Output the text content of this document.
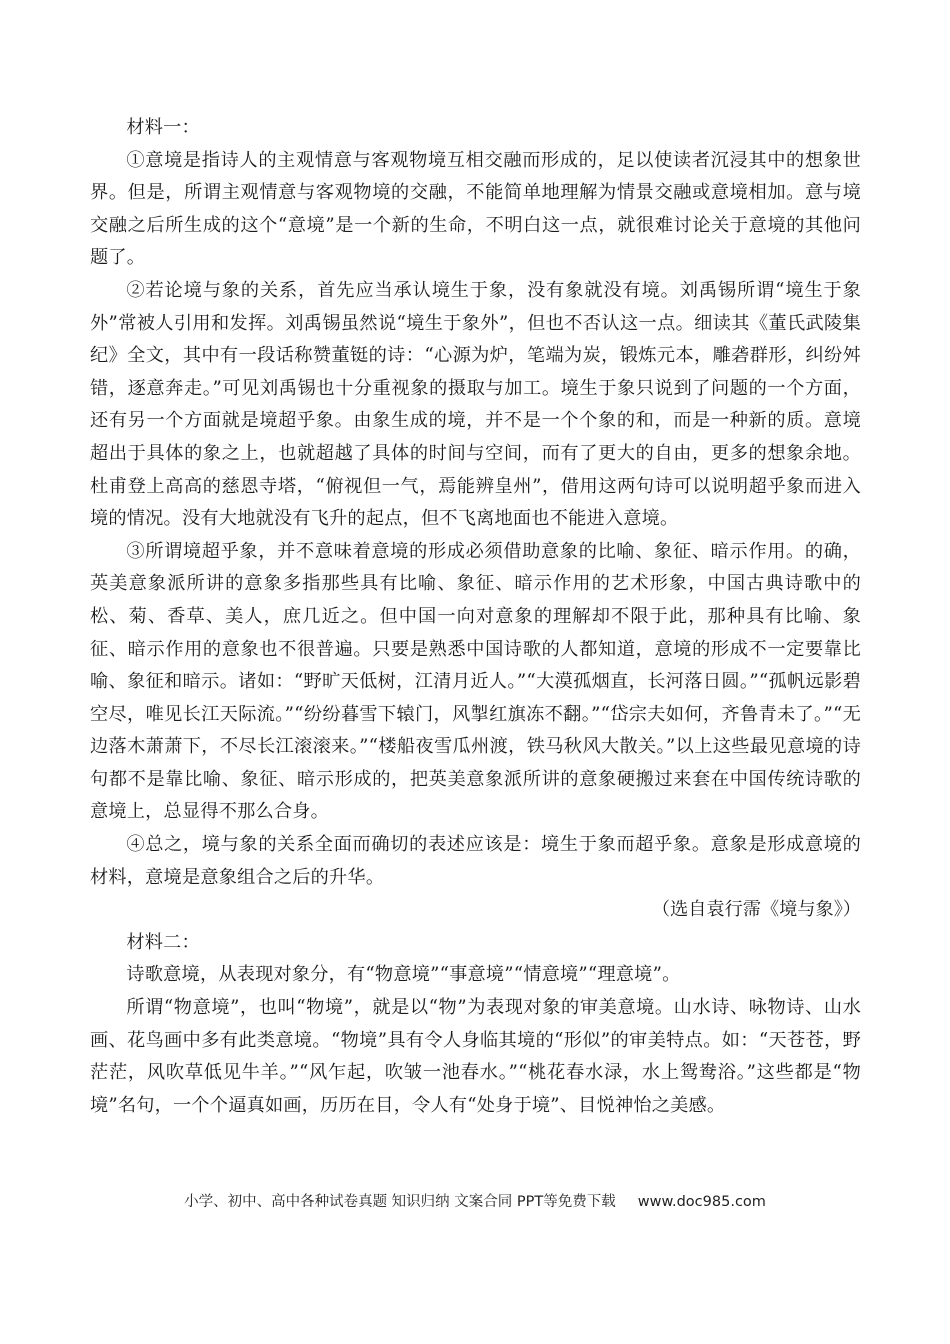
材料一：

①意境是指诗人的主观情意与客观物境互相交融而形成的，足以使读者沉浸其中的想象世界。但是，所谓主观情意与客观物境的交融，不能简单地理解为情景交融或意境相加。意与境交融之后所生成的这个“意境”是一个新的生命，不明白这一点，就很难讨论关于意境的其他问题了。

②若论境与象的关系，首先应当承认境生于象，没有象就没有境。刘禹锡所谓“境生于象外”常被人引用和发挥。刘禹锡虽然说“境生于象外”，但也不否认这一点。细读其《董氏武陵集纪》全文，其中有一段话称赞董铤的诗：“心源为炉，笔端为炭，锻炼元本，雕砻群形，纠纷舛错，逐意奔走。”可见刘禹锡也十分重视象的摄取与加工。境生于象只说到了问题的一个方面，还有另一个方面就是境超乎象。由象生成的境，并不是一个个象的和，而是一种新的质。意境超出于具体的象之上，也就超越了具体的时间与空间，而有了更大的自由，更多的想象余地。杜甫登上高高的慈恩寺塔，“俯视但一气，焉能辨皇州”，借用这两句诗可以说明超乎象而进入境的情况。没有大地就没有飞升的起点，但不飞离地面也不能进入意境。

③所谓境超乎象，并不意味着意境的形成必须借助意象的比喻、象征、暗示作用。的确，英美意象派所讲的意象多指那些具有比喻、象征、暗示作用的艺术形象，中国古典诗歌中的松、菊、香草、美人，庶几近之。但中国一向对意象的理解却不限于此，那种具有比喻、象征、暗示作用的意象也不很普遍。只要是熟悉中国诗歌的人都知道，意境的形成不一定要靠比喻、象征和暗示。诸如：“野旷天低树，江清月近人。”“大漠孤烟直，长河落日圆。”“孤帆远影碧空尽，唯见长江天际流。”“纷纷暮雪下辕门，风掣红旗冻不翻。”“岱宗夫如何，齐鲁青未了。”“无边落木萧萧下，不尽长江滚滚来。”“楼船夜雪瓜州渡，铁马秋风大散关。”以上这些最见意境的诗句都不是靠比喻、象征、暗示形成的，把英美意象派所讲的意象硬搬过来套在中国传统诗歌的意境上，总显得不那么合身。

④总之，境与象的关系全面而确切的表述应该是：境生于象而超乎象。意象是形成意境的材料，意境是意象组合之后的升华。

（选自袁行霈《境与象》）

材料二：

诗歌意境，从表现对象分，有“物意境”“事意境”“情意境”“理意境”。

所谓“物意境”，也叫“物境”，就是以“物”为表现对象的审美意境。山水诗、咏物诗、山水画、花鸟画中多有此类意境。“物境”具有令人身临其境的“形似”的审美特点。如：“天苍苍，野茫茫，风吹草低见牛羊。”“风乍起，吹皱一池春水。”“桃花春水渌，水上鸳鸯浴。”这些都是“物境”名句，一个个逼真如画，历历在目，令人有“处身于境”、目悦神怡之美感。

小学、初中、高中各种试卷真题 知识归纳 文案合同 PPT等免费下载 www.doc985.com
